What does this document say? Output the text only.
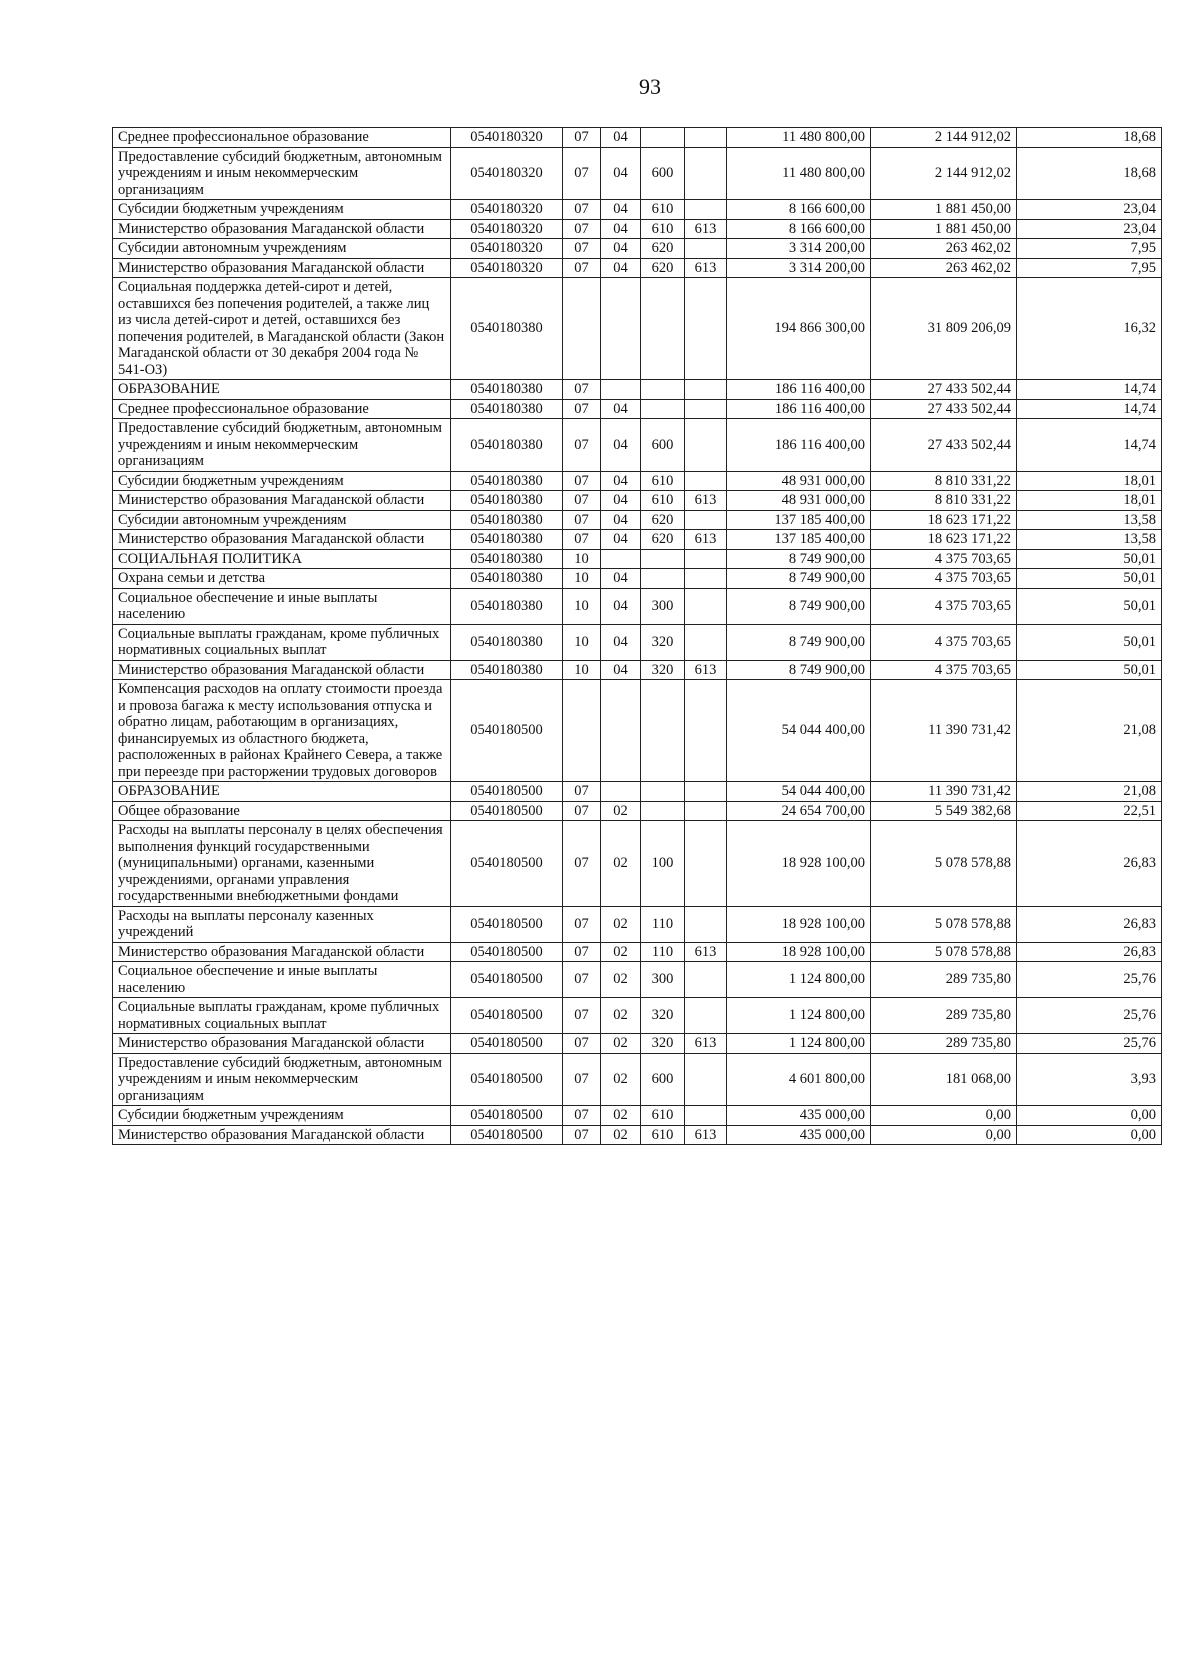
93
Среднее профессиональное образование	0540180320	07	04			11 480 800,00	2 144 912,02	18,68
Предоставление субсидий бюджетным, автономным учреждениям и иным некоммерческим организациям	0540180320	07	04	600		11 480 800,00	2 144 912,02	18,68
Субсидии бюджетным учреждениям	0540180320	07	04	610		8 166 600,00	1 881 450,00	23,04
Министерство образования Магаданской области	0540180320	07	04	610	613	8 166 600,00	1 881 450,00	23,04
Субсидии автономным учреждениям	0540180320	07	04	620		3 314 200,00	263 462,02	7,95
Министерство образования Магаданской области	0540180320	07	04	620	613	3 314 200,00	263 462,02	7,95
Социальная поддержка детей-сирот и детей, оставшихся без попечения родителей, а также лиц из числа детей-сирот и детей, оставшихся без попечения родителей, в Магаданской области (Закон Магаданской области от 30 декабря 2004 года № 541-ОЗ)	0540180380					194 866 300,00	31 809 206,09	16,32
ОБРАЗОВАНИЕ	0540180380	07				186 116 400,00	27 433 502,44	14,74
Среднее профессиональное образование	0540180380	07	04			186 116 400,00	27 433 502,44	14,74
Предоставление субсидий бюджетным, автономным учреждениям и иным некоммерческим организациям	0540180380	07	04	600		186 116 400,00	27 433 502,44	14,74
Субсидии бюджетным учреждениям	0540180380	07	04	610		48 931 000,00	8 810 331,22	18,01
Министерство образования Магаданской области	0540180380	07	04	610	613	48 931 000,00	8 810 331,22	18,01
Субсидии автономным учреждениям	0540180380	07	04	620		137 185 400,00	18 623 171,22	13,58
Министерство образования Магаданской области	0540180380	07	04	620	613	137 185 400,00	18 623 171,22	13,58
СОЦИАЛЬНАЯ ПОЛИТИКА	0540180380	10				8 749 900,00	4 375 703,65	50,01
Охрана семьи и детства	0540180380	10	04			8 749 900,00	4 375 703,65	50,01
Социальное обеспечение и иные выплаты населению	0540180380	10	04	300		8 749 900,00	4 375 703,65	50,01
Социальные выплаты гражданам, кроме публичных нормативных социальных выплат	0540180380	10	04	320		8 749 900,00	4 375 703,65	50,01
Министерство образования Магаданской области	0540180380	10	04	320	613	8 749 900,00	4 375 703,65	50,01
Компенсация расходов на оплату стоимости проезда и провоза багажа к месту использования отпуска и обратно лицам, работающим в организациях, финансируемых из областного бюджета, расположенных в районах Крайнего Севера, а также при переезде при расторжении трудовых договоров	0540180500					54 044 400,00	11 390 731,42	21,08
ОБРАЗОВАНИЕ	0540180500	07				54 044 400,00	11 390 731,42	21,08
Общее образование	0540180500	07	02			24 654 700,00	5 549 382,68	22,51
Расходы на выплаты персоналу в целях обеспечения выполнения функций государственными (муниципальными) органами, казенными учреждениями, органами управления государственными внебюджетными фондами	0540180500	07	02	100		18 928 100,00	5 078 578,88	26,83
Расходы на выплаты персоналу казенных учреждений	0540180500	07	02	110		18 928 100,00	5 078 578,88	26,83
Министерство образования Магаданской области	0540180500	07	02	110	613	18 928 100,00	5 078 578,88	26,83
Социальное обеспечение и иные выплаты населению	0540180500	07	02	300		1 124 800,00	289 735,80	25,76
Социальные выплаты гражданам, кроме публичных нормативных социальных выплат	0540180500	07	02	320		1 124 800,00	289 735,80	25,76
Министерство образования Магаданской области	0540180500	07	02	320	613	1 124 800,00	289 735,80	25,76
Предоставление субсидий бюджетным, автономным учреждениям и иным некоммерческим организациям	0540180500	07	02	600		4 601 800,00	181 068,00	3,93
Субсидии бюджетным учреждениям	0540180500	07	02	610		435 000,00	0,00	0,00
Министерство образования Магаданской области	0540180500	07	02	610	613	435 000,00	0,00	0,00
